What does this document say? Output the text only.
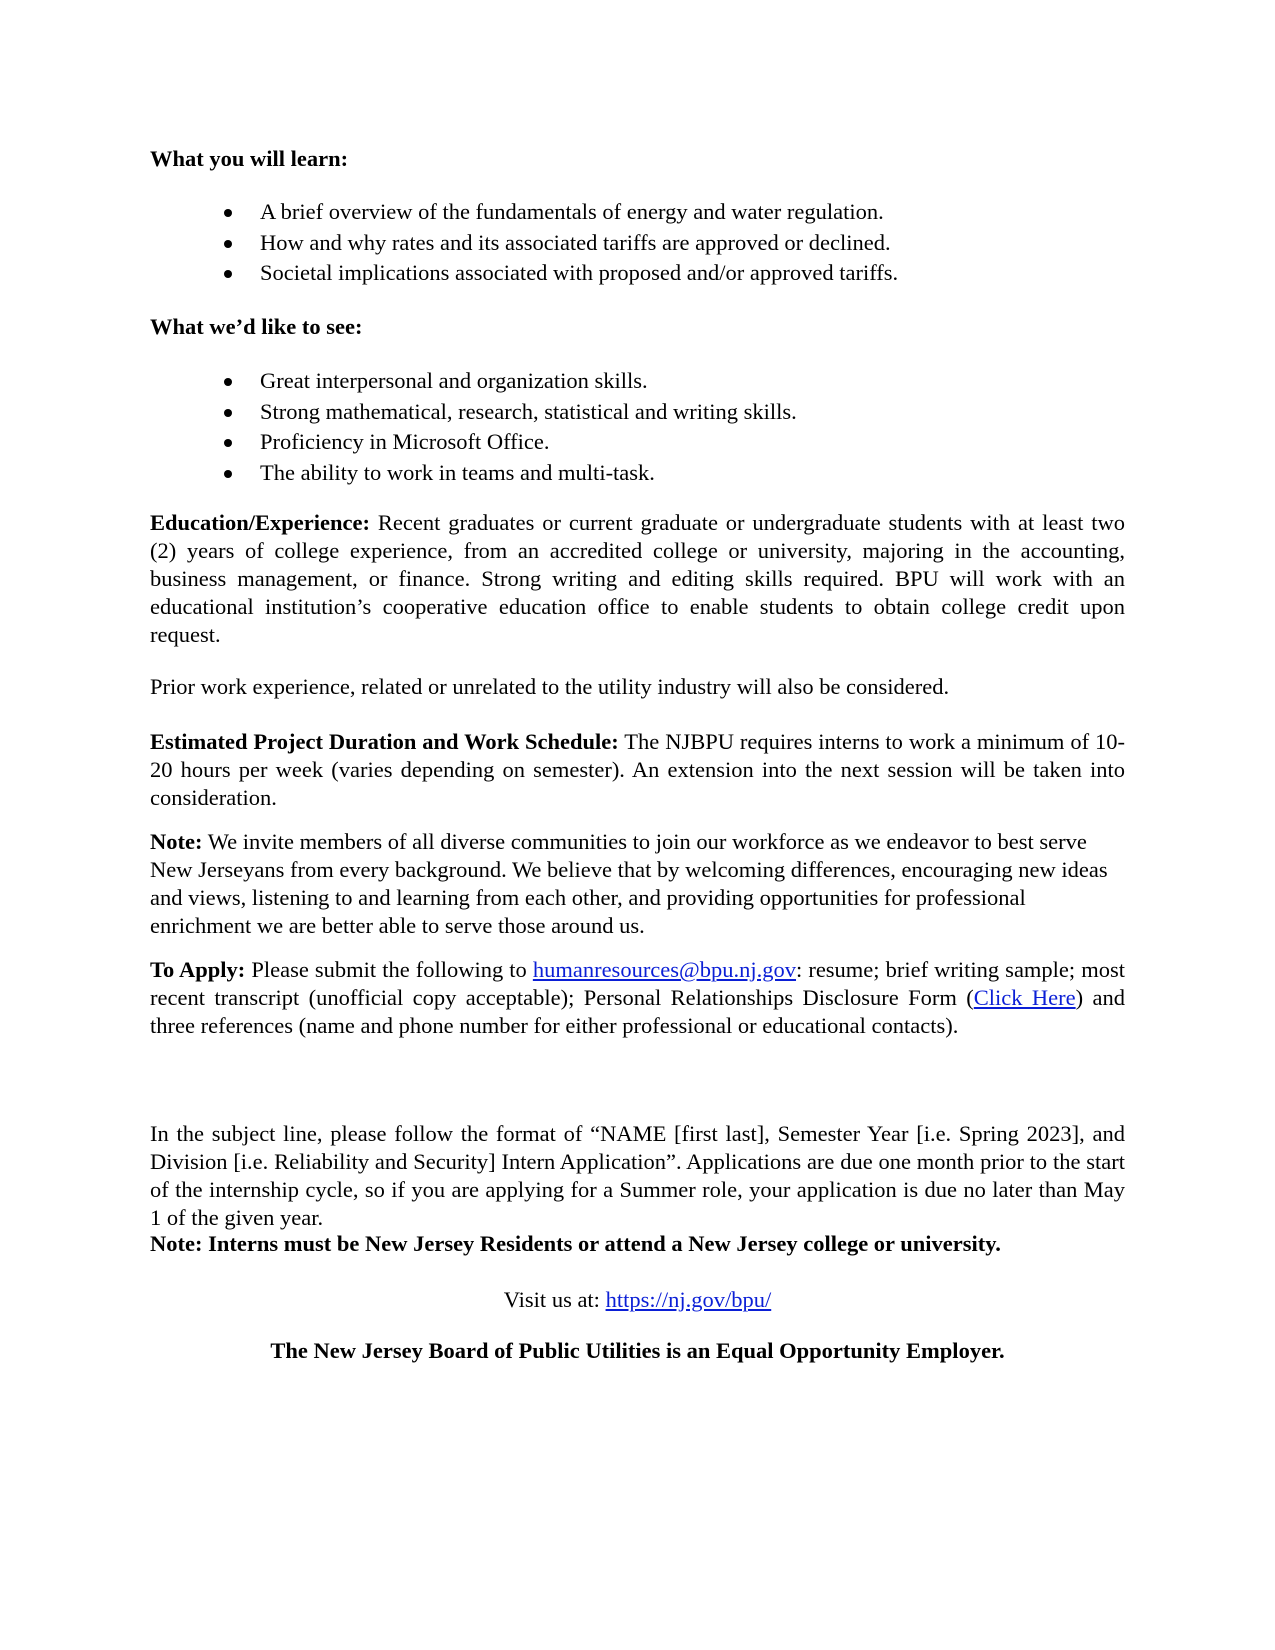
What you will learn:
A brief overview of the fundamentals of energy and water regulation.
How and why rates and its associated tariffs are approved or declined.
Societal implications associated with proposed and/or approved tariffs.
What we’d like to see:
Great interpersonal and organization skills.
Strong mathematical, research, statistical and writing skills.
Proficiency in Microsoft Office.
The ability to work in teams and multi-task.

Education/Experience: Recent graduates or current graduate or undergraduate students with at least two (2) years of college experience, from an accredited college or university, majoring in the accounting, business management, or finance. Strong writing and editing skills required. BPU will work with an educational institution’s cooperative education office to enable students to obtain college credit upon request.

Prior work experience, related or unrelated to the utility industry will also be considered.

Estimated Project Duration and Work Schedule: The NJBPU requires interns to work a minimum of 10-20 hours per week (varies depending on semester). An extension into the next session will be taken into consideration.

Note: We invite members of all diverse communities to join our workforce as we endeavor to best serve New Jerseyans from every background. We believe that by welcoming differences, encouraging new ideas and views, listening to and learning from each other, and providing opportunities for professional enrichment we are better able to serve those around us.

To Apply: Please submit the following to humanresources@bpu.nj.gov: resume; brief writing sample; most recent transcript (unofficial copy acceptable); Personal Relationships Disclosure Form (Click Here) and three references (name and phone number for either professional or educational contacts).

In the subject line, please follow the format of “NAME [first last], Semester Year [i.e. Spring 2023], and Division [i.e. Reliability and Security] Intern Application”. Applications are due one month prior to the start of the internship cycle, so if you are applying for a Summer role, your application is due no later than May 1 of the given year.

Note: Interns must be New Jersey Residents or attend a New Jersey college or university.
Visit us at: https://nj.gov/bpu/
The New Jersey Board of Public Utilities is an Equal Opportunity Employer.
